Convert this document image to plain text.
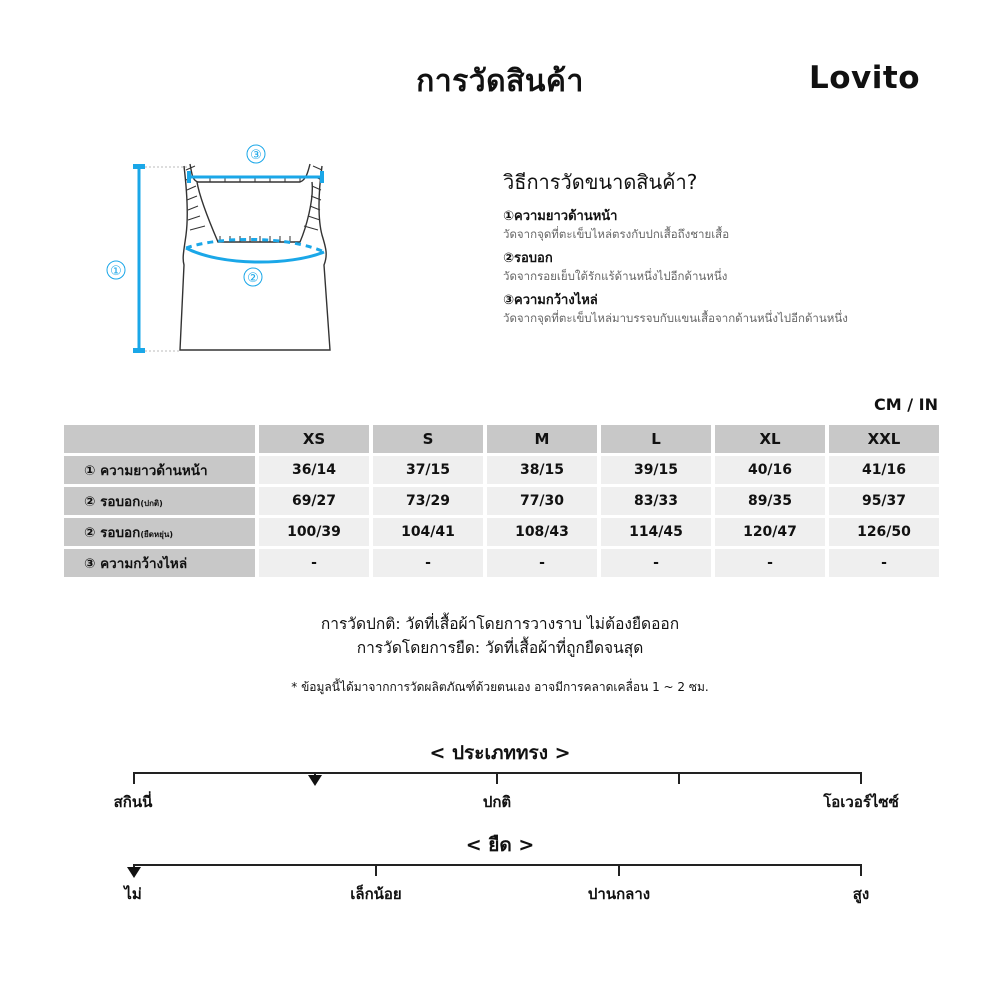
การวัดสินค้า	Lovito
①	②
③
วิธีการวัดขนาดสินค้า?
①ความยาวด้านหน้า
วัดจากจุดที่ตะเข็บไหล่ตรงกับปกเสื้อถึงชายเสื้อ
②รอบอก
วัดจากรอยเย็บใต้รักแร้ด้านหนึ่งไปอีกด้านหนึ่ง
③ความกว้างไหล่
วัดจากจุดที่ตะเข็บไหล่มาบรรจบกับแขนเสื้อจากด้านหนึ่งไปอีกด้านหนึ่ง
CM / IN
	XS	S	M	L	XL	XXL
① ความยาวด้านหน้า	36/14	37/15	38/15	39/15	40/16	41/16
② รอบอก(ปกติ)	69/27	73/29	77/30	83/33	89/35	95/37
② รอบอก(ยืดหยุ่น)	100/39	104/41	108/43	114/45	120/47	126/50
③ ความกว้างไหล่	-	-	-	-	-	-
การวัดปกติ: วัดที่เสื้อผ้าโดยการวางราบ ไม่ต้องยืดออก
การวัดโดยการยืด: วัดที่เสื้อผ้าที่ถูกยืดจนสุด
* ข้อมูลนี้ได้มาจากการวัดผลิตภัณฑ์ด้วยตนเอง อาจมีการคลาดเคลื่อน 1 ~ 2 ซม.
< ประเภททรง >
สกินนี่	ปกติ	โอเวอร์ไซซ์
< ยืด >
ไม่	เล็กน้อย	ปานกลาง	สูง
